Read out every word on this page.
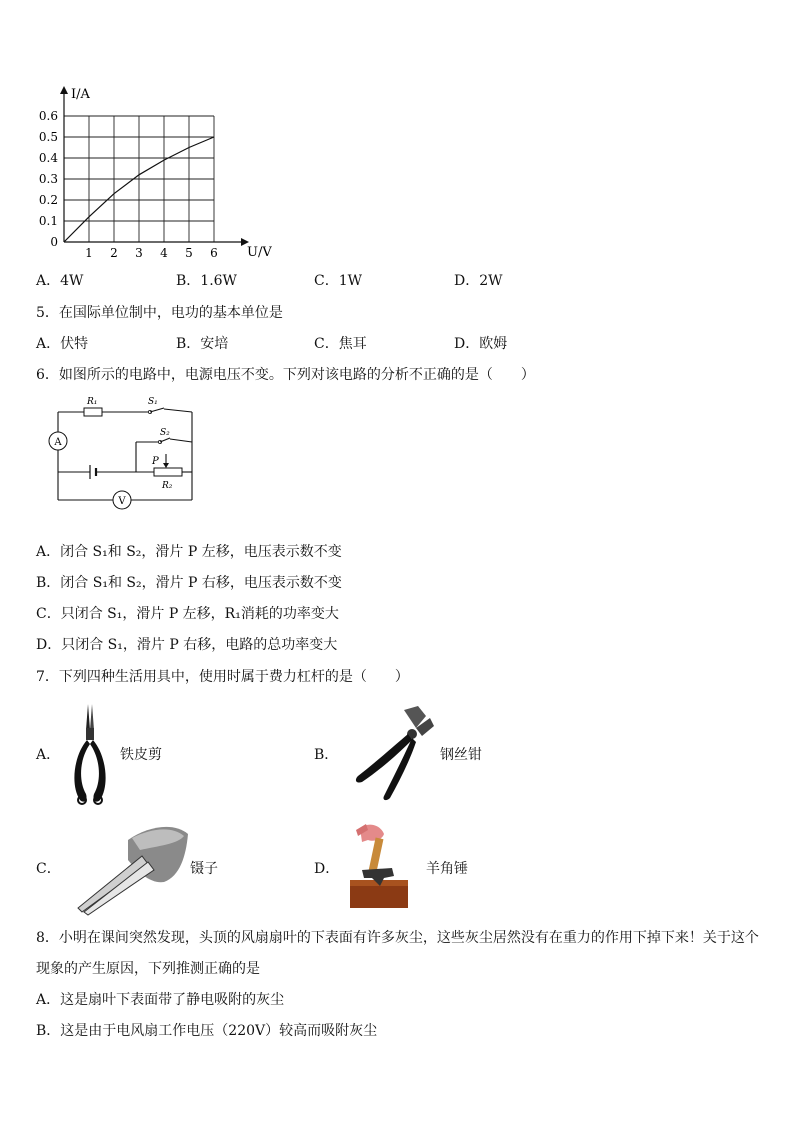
I/A
U/V
0.6
0.5
0.4
0.3
0.2
0.1
0
1 2 3 4 5 6
A．4W	B．1.6W	C．1W	D．2W
5．在国际单位制中，电功的基本单位是
A．伏特	B．安培	C．焦耳	D．欧姆
6．如图所示的电路中，电源电压不变。下列对该电路的分析不正确的是（　　）
R₁	S₁
A
S₂
P
R₂
V
A．闭合 S₁和 S₂，滑片 P 左移，电压表示数不变
B．闭合 S₁和 S₂，滑片 P 右移，电压表示数不变
C．只闭合 S₁，滑片 P 左移，R₁消耗的功率变大
D．只闭合 S₁，滑片 P 右移，电路的总功率变大
7．下列四种生活用具中，使用时属于费力杠杆的是（　　）
A．	铁皮剪	B．	钢丝钳
C．	镊子	D．	羊角锤
8．小明在课间突然发现，头顶的风扇扇叶的下表面有许多灰尘，这些灰尘居然没有在重力的作用下掉下来！关于这个
现象的产生原因，下列推测正确的是
A．这是扇叶下表面带了静电吸附的灰尘
B．这是由于电风扇工作电压（220V）较高而吸附灰尘
